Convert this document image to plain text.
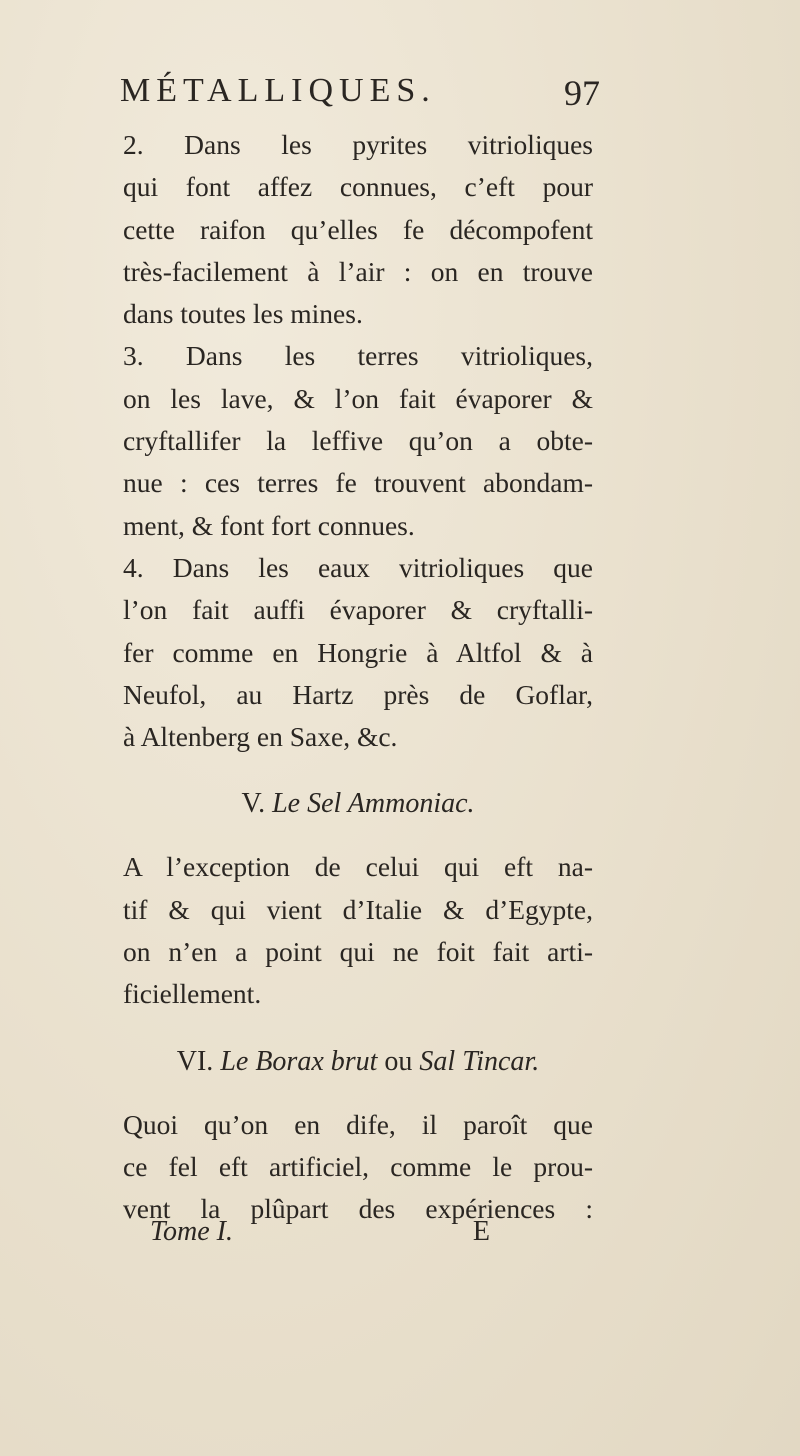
MÉTALLIQUES.	97
2. Dans les pyrites vitrioliques
qui font affez connues, c’eft pour
cette raifon qu’elles fe décompofent
très-facilement à l’air : on en trouve
dans toutes les mines.
3. Dans les terres vitrioliques,
on les lave, & l’on fait évaporer &
cryftallifer la leffive qu’on a obte-
nue : ces terres fe trouvent abondam-
ment, & font fort connues.
4. Dans les eaux vitrioliques que
l’on fait auffi évaporer & cryftalli-
fer comme en Hongrie à Altfol & à
Neufol, au Hartz près de Goflar,
à Altenberg en Saxe, &c.

V. Le Sel Ammoniac.

A l’exception de celui qui eft na-
tif & qui vient d’Italie & d’Egypte,
on n’en a point qui ne foit fait arti-
ficiellement.

VI. Le Borax brut ou Sal Tincar.

Quoi qu’on en dife, il paroît que
ce fel eft artificiel, comme le prou-
vent la plûpart des expériences :
Tome I.	E
